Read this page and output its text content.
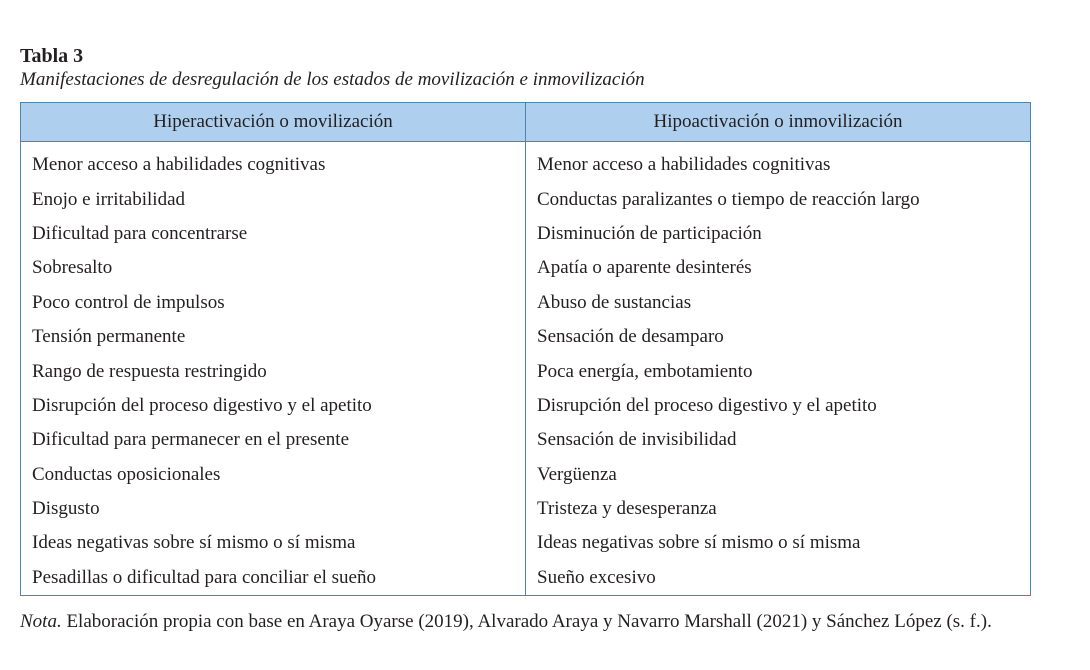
Tabla 3

Manifestaciones de desregulación de los estados de movilización e inmovilización

Hiperactivación o movilización	Hipoactivación o inmovilización
Menor acceso a habilidades cognitivas	Menor acceso a habilidades cognitivas
Enojo e irritabilidad	Conductas paralizantes o tiempo de reacción largo
Dificultad para concentrarse	Disminución de participación
Sobresalto	Apatía o aparente desinterés
Poco control de impulsos	Abuso de sustancias
Tensión permanente	Sensación de desamparo
Rango de respuesta restringido	Poca energía, embotamiento
Disrupción del proceso digestivo y el apetito	Disrupción del proceso digestivo y el apetito
Dificultad para permanecer en el presente	Sensación de invisibilidad
Conductas oposicionales	Vergüenza
Disgusto	Tristeza y desesperanza
Ideas negativas sobre sí mismo o sí misma	Ideas negativas sobre sí mismo o sí misma
Pesadillas o dificultad para conciliar el sueño	Sueño excesivo

Nota. Elaboración propia con base en Araya Oyarse (2019), Alvarado Araya y Navarro Marshall (2021) y Sánchez López (s. f.).
